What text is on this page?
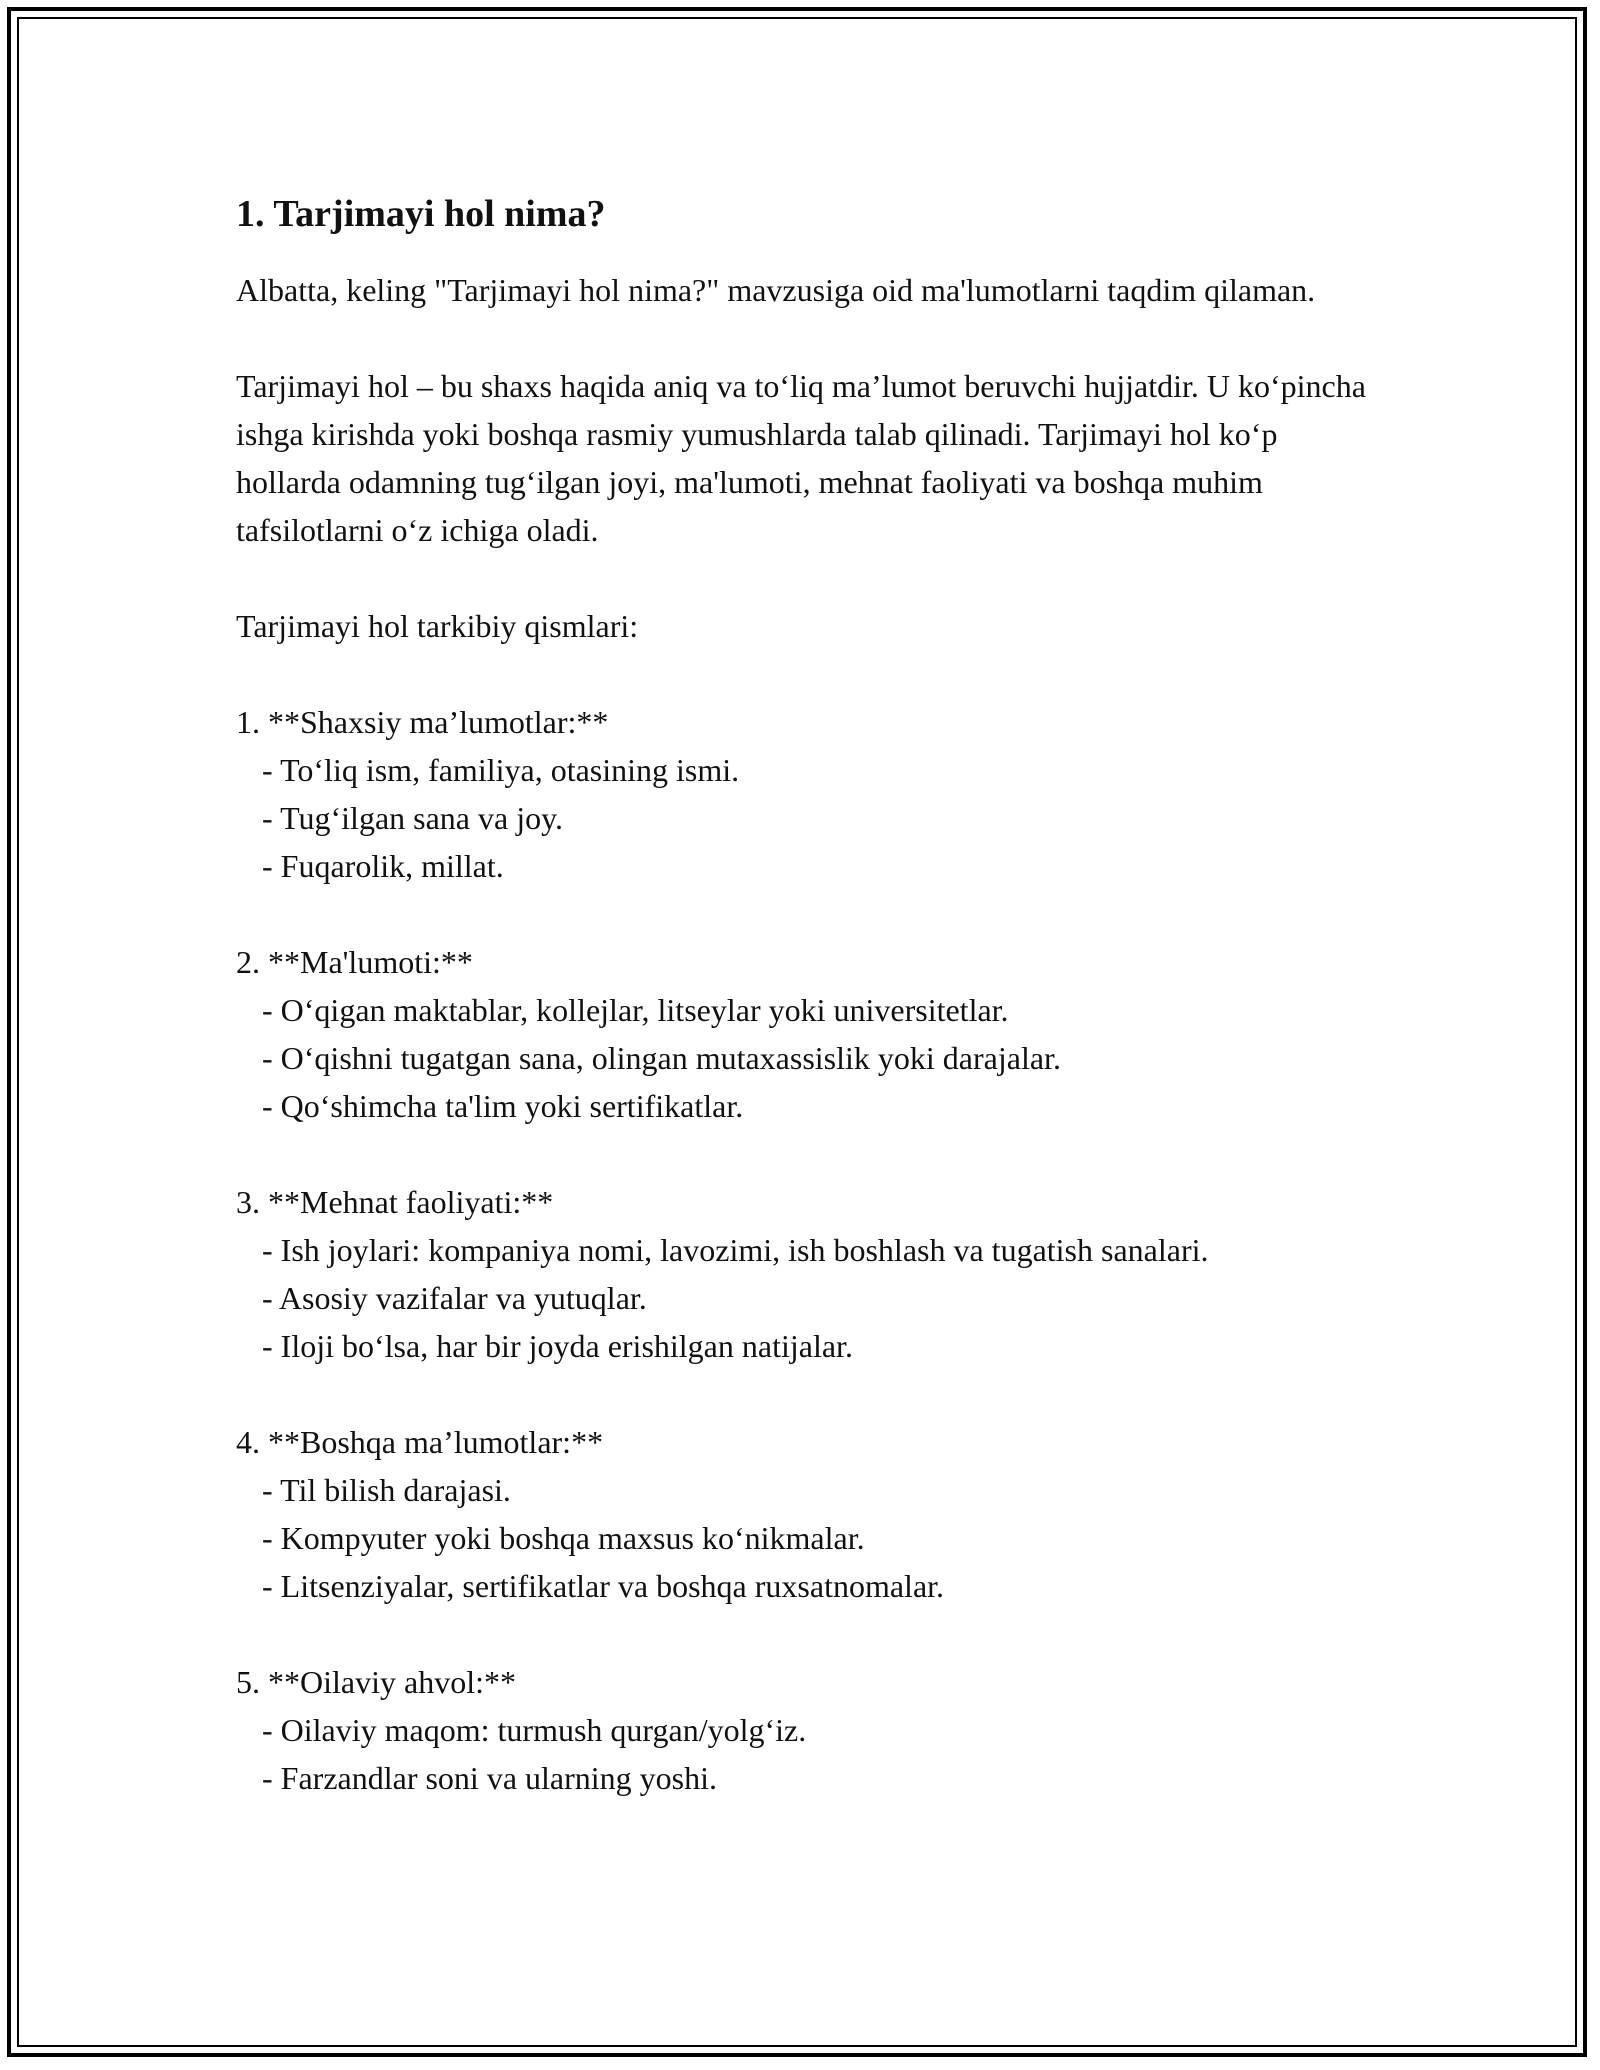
1. Tarjimayi hol nima?

Albatta, keling "Tarjimayi hol nima?" mavzusiga oid ma'lumotlarni taqdim qilaman.

Tarjimayi hol – bu shaxs haqida aniq va to‘liq ma’lumot beruvchi hujjatdir. U ko‘pincha ishga kirishda yoki boshqa rasmiy yumushlarda talab qilinadi. Tarjimayi hol ko‘p hollarda odamning tug‘ilgan joyi, ma'lumoti, mehnat faoliyati va boshqa muhim tafsilotlarni o‘z ichiga oladi.

Tarjimayi hol tarkibiy qismlari:

1. **Shaxsiy ma’lumotlar:**
- To‘liq ism, familiya, otasining ismi.
- Tug‘ilgan sana va joy.
- Fuqarolik, millat.
2. **Ma'lumoti:**
- O‘qigan maktablar, kollejlar, litseylar yoki universitetlar.
- O‘qishni tugatgan sana, olingan mutaxassislik yoki darajalar.
- Qo‘shimcha ta'lim yoki sertifikatlar.
3. **Mehnat faoliyati:**
- Ish joylari: kompaniya nomi, lavozimi, ish boshlash va tugatish sanalari.
- Asosiy vazifalar va yutuqlar.
- Iloji bo‘lsa, har bir joyda erishilgan natijalar.
4. **Boshqa ma’lumotlar:**
- Til bilish darajasi.
- Kompyuter yoki boshqa maxsus ko‘nikmalar.
- Litsenziyalar, sertifikatlar va boshqa ruxsatnomalar.
5. **Oilaviy ahvol:**
- Oilaviy maqom: turmush qurgan/yolg‘iz.
- Farzandlar soni va ularning yoshi.
